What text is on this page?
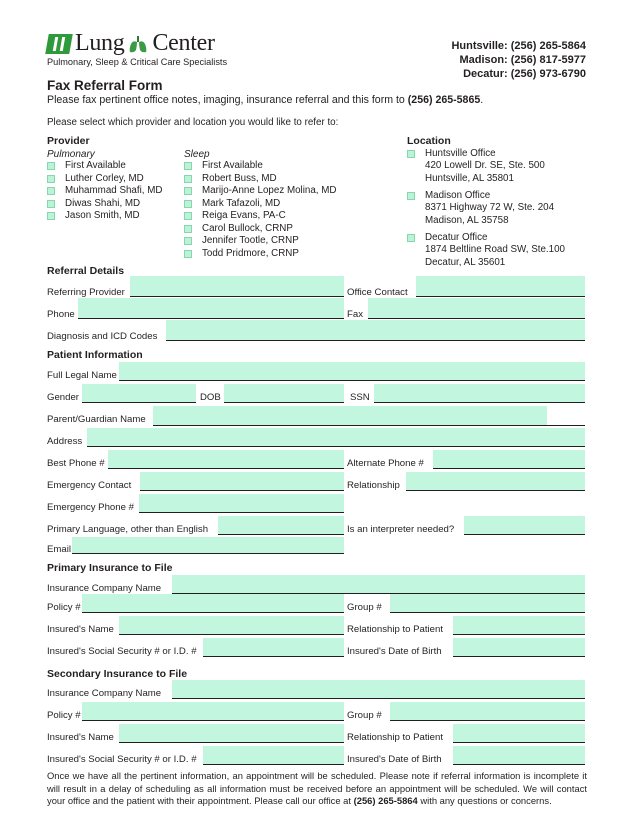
Lung Center
Pulmonary, Sleep & Critical Care Specialists
Huntsville: (256) 265-5864
Madison: (256) 817-5977
Decatur: (256) 973-6790
Fax Referral Form
Please fax pertinent office notes, imaging, insurance referral and this form to (256) 265-5865.
Please select which provider and location you would like to refer to:
Provider
Pulmonary
First Available
Luther Corley, MD
Muhammad Shafi, MD
Diwas Shahi, MD
Jason Smith, MD
Sleep
First Available
Robert Buss, MD
Marijo-Anne Lopez Molina, MD
Mark Tafazoli, MD
Reiga Evans, PA-C
Carol Bullock, CRNP
Jennifer Tootle, CRNP
Todd Pridmore, CRNP
Location
Huntsville Office
420 Lowell Dr. SE, Ste. 500
Huntsville, AL 35801
Madison Office
8371 Highway 72 W, Ste. 204
Madison, AL 35758
Decatur Office
1874 Beltline Road SW, Ste.100
Decatur, AL 35601
Referral Details
Referring Provider	Office Contact
Phone	Fax
Diagnosis and ICD Codes
Patient Information
Full Legal Name
Gender	DOB	SSN
Parent/Guardian Name
Address
Best Phone #	Alternate Phone #
Emergency Contact	Relationship
Emergency Phone #
Primary Language, other than English	Is an interpreter needed?
Email
Primary Insurance to File
Insurance Company Name
Policy #	Group #
Insured's Name	Relationship to Patient
Insured's Social Security # or I.D. #	Insured's Date of Birth
Secondary Insurance to File
Insurance Company Name
Policy #	Group #
Insured's Name	Relationship to Patient
Insured's Social Security # or I.D. #	Insured's Date of Birth
Once we have all the pertinent information, an appointment will be scheduled. Please note if referral information is incomplete it will result in a delay of scheduling as all information must be received before an appointment will be scheduled. We will contact your office and the patient with their appointment. Please call our office at (256) 265-5864 with any questions or concerns.
